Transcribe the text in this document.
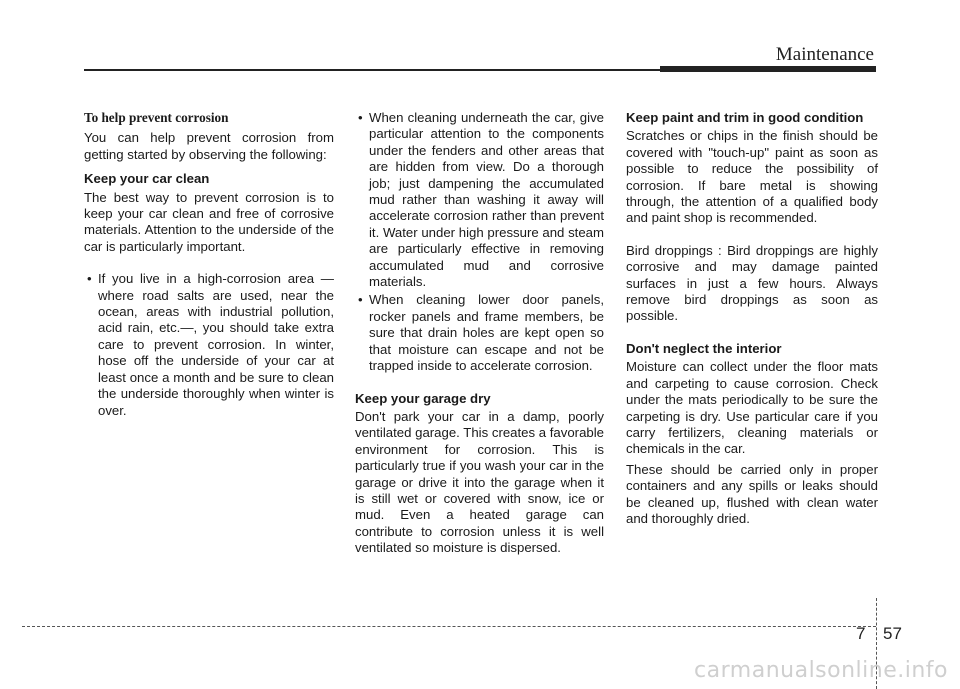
Maintenance
To help prevent corrosion

You can help prevent corrosion from getting started by observing the following:

Keep your car clean

The best way to prevent corrosion is to keep your car clean and free of corrosive materials. Attention to the underside of the car is particularly important.

• If you live in a high-corrosion area — where road salts are used, near the ocean, areas with industrial pollution, acid rain, etc.—, you should take extra care to prevent corrosion. In winter, hose off the underside of your car at least once a month and be sure to clean the underside thoroughly when winter is over.
• When cleaning underneath the car, give particular attention to the components under the fenders and other areas that are hidden from view. Do a thorough job; just dampening the accumulated mud rather than washing it away will accelerate corrosion rather than prevent it. Water under high pressure and steam are particularly effective in removing accumulated mud and corrosive materials.
• When cleaning lower door panels, rocker panels and frame members, be sure that drain holes are kept open so that moisture can escape and not be trapped inside to accelerate corrosion.
Keep your garage dry

Don't park your car in a damp, poorly ventilated garage. This creates a favorable environment for corrosion. This is particularly true if you wash your car in the garage or drive it into the garage when it is still wet or covered with snow, ice or mud. Even a heated garage can contribute to corrosion unless it is well ventilated so moisture is dispersed.

Keep paint and trim in good condition

Scratches or chips in the finish should be covered with "touch-up" paint as soon as possible to reduce the possibility of corrosion. If bare metal is showing through, the attention of a qualified body and paint shop is recommended.

Bird droppings : Bird droppings are highly corrosive and may damage painted surfaces in just a few hours. Always remove bird droppings as soon as possible.

Don't neglect the interior

Moisture can collect under the floor mats and carpeting to cause corrosion. Check under the mats periodically to be sure the carpeting is dry. Use particular care if you carry fertilizers, cleaning materials or chemicals in the car.

These should be carried only in proper containers and any spills or leaks should be cleaned up, flushed with clean water and thoroughly dried.

7 57
carmanualsonline.info
